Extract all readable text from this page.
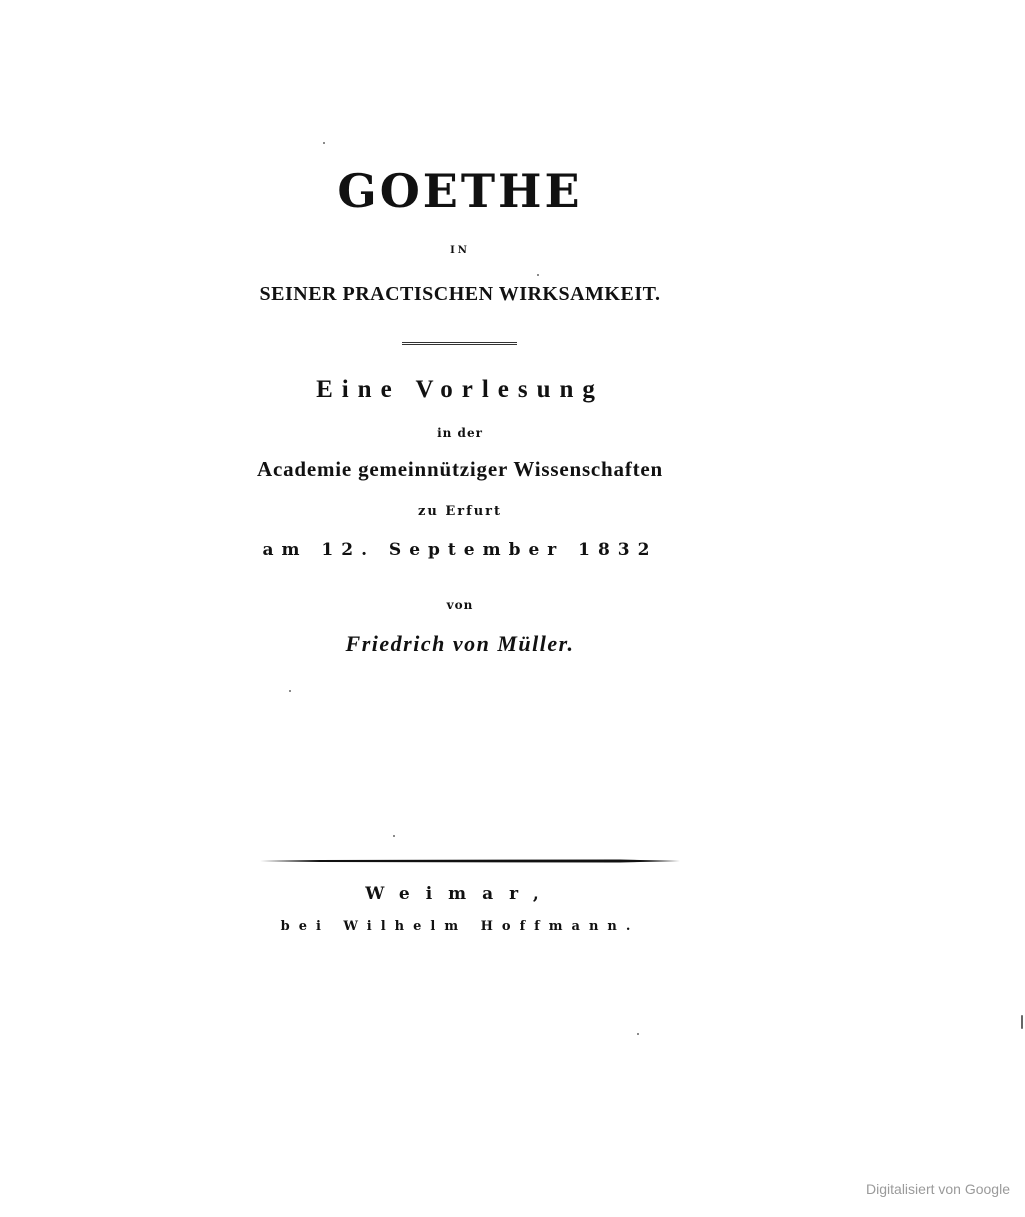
GOETHE
IN
SEINER PRACTISCHEN WIRKSAMKEIT.
Eine Vorlesung
in der
Academie gemeinnütziger Wissenschaften
zu Erfurt
am 12. September 1832
von
Friedrich von Müller.
Weimar,
bei Wilhelm Hoffmann.
Digitalisiert von Google
